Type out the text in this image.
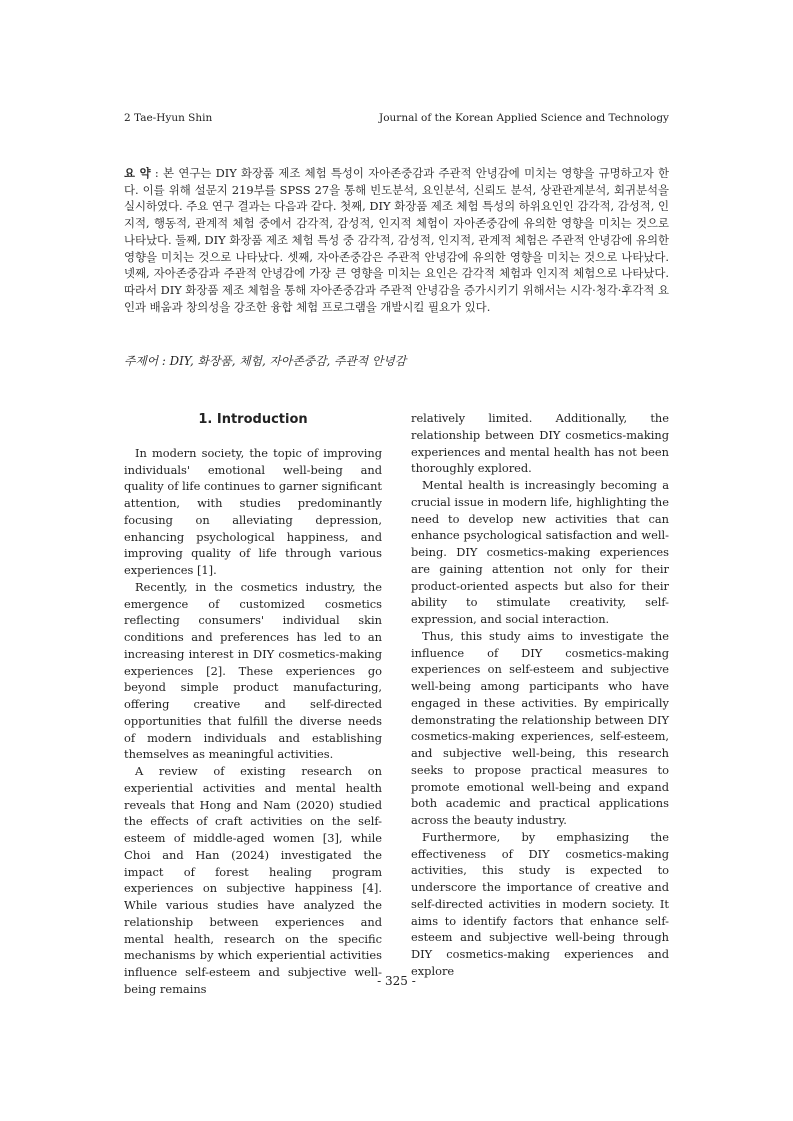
2 Tae-Hyun Shin	Journal of the Korean Applied Science and Technology

요 약 : 본 연구는 DIY 화장품 제조 체험 특성이 자아존중감과 주관적 안녕감에 미치는 영향을 규명하고자 한다. 이를 위해 설문지 219부를 SPSS 27을 통해 빈도분석, 요인분석, 신뢰도 분석, 상관관계분석, 회귀분석을 실시하였다. 주요 연구 결과는 다음과 같다. 첫째, DIY 화장품 제조 체험 특성의 하위요인인 감각적, 감성적, 인지적, 행동적, 관계적 체험 중에서 감각적, 감성적, 인지적 체험이 자아존중감에 유의한 영향을 미치는 것으로 나타났다. 둘째, DIY 화장품 제조 체험 특성 중 감각적, 감성적, 인지적, 관계적 체험은 주관적 안녕감에 유의한 영향을 미치는 것으로 나타났다. 셋째, 자아존중감은 주관적 안녕감에 유의한 영향을 미치는 것으로 나타났다. 넷째, 자아존중감과 주관적 안녕감에 가장 큰 영향을 미치는 요인은 감각적 체험과 인지적 체험으로 나타났다. 따라서 DIY 화장품 제조 체험을 통해 자아존중감과 주관적 안녕감을 증가시키기 위해서는 시각·청각·후각적 요인과 배움과 창의성을 강조한 융합 체험 프로그램을 개발시킬 필요가 있다.

주제어 : DIY, 화장품, 체험, 자아존중감, 주관적 안녕감
1. Introduction

In modern society, the topic of improving individuals' emotional well-being and quality of life continues to garner significant attention, with studies predominantly focusing on alleviating depression, enhancing psychological happiness, and improving quality of life through various experiences [1].

Recently, in the cosmetics industry, the emergence of customized cosmetics reflecting consumers' individual skin conditions and preferences has led to an increasing interest in DIY cosmetics-making experiences [2]. These experiences go beyond simple product manufacturing, offering creative and self-directed opportunities that fulfill the diverse needs of modern individuals and establishing themselves as meaningful activities.

A review of existing research on experiential activities and mental health reveals that Hong and Nam (2020) studied the effects of craft activities on the self-esteem of middle-aged women [3], while Choi and Han (2024) investigated the impact of forest healing program experiences on subjective happiness [4]. While various studies have analyzed the relationship between experiences and mental health, research on the specific mechanisms by which experiential activities influence self-esteem and subjective well-being remains

relatively limited. Additionally, the relationship between DIY cosmetics-making experiences and mental health has not been thoroughly explored.

Mental health is increasingly becoming a crucial issue in modern life, highlighting the need to develop new activities that can enhance psychological satisfaction and well-being. DIY cosmetics-making experiences are gaining attention not only for their product-oriented aspects but also for their ability to stimulate creativity, self-expression, and social interaction.

Thus, this study aims to investigate the influence of DIY cosmetics-making experiences on self-esteem and subjective well-being among participants who have engaged in these activities. By empirically demonstrating the relationship between DIY cosmetics-making experiences, self-esteem, and subjective well-being, this research seeks to propose practical measures to promote emotional well-being and expand both academic and practical applications across the beauty industry.

Furthermore, by emphasizing the effectiveness of DIY cosmetics-making activities, this study is expected to underscore the importance of creative and self-directed activities in modern society. It aims to identify factors that enhance self-esteem and subjective well-being through DIY cosmetics-making experiences and explore

- 325 -
